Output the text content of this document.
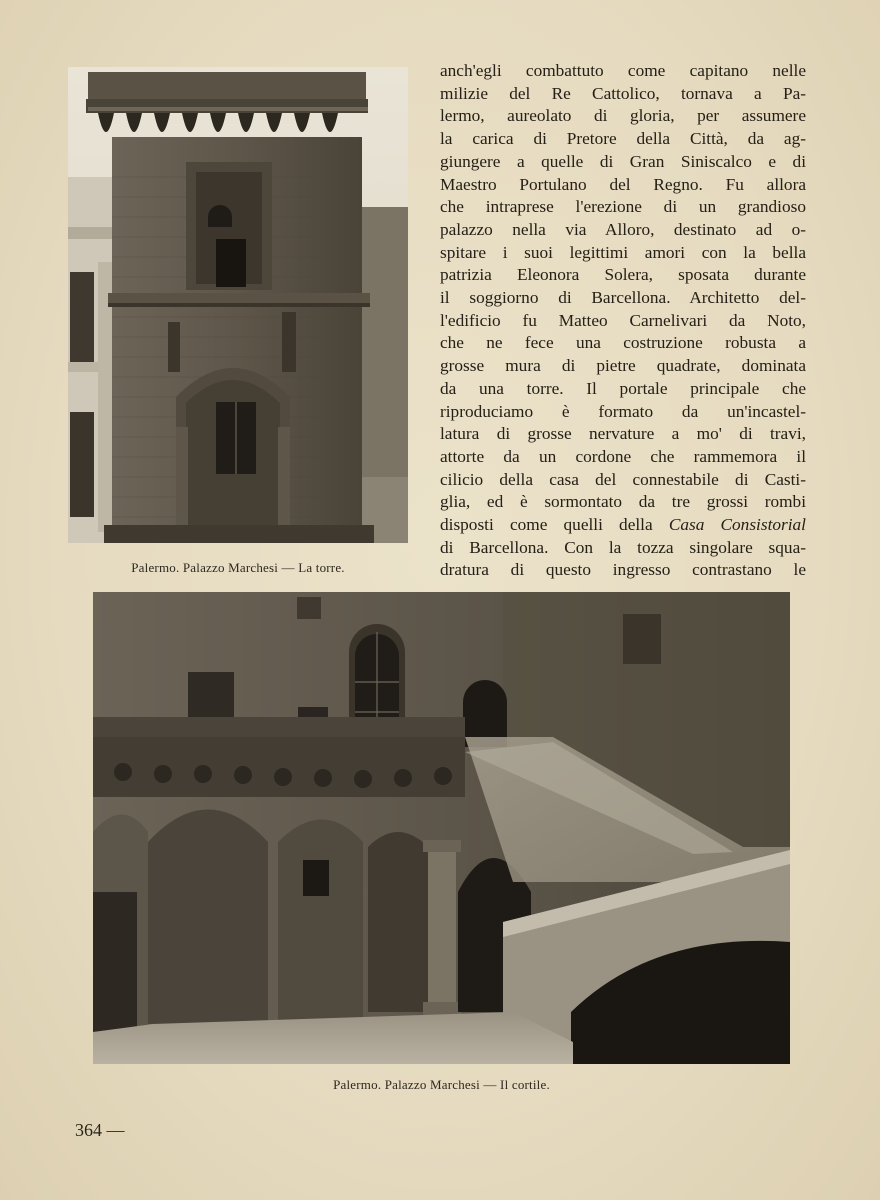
Palermo. Palazzo Marchesi — La torre.
anch'egli combattuto come capitano nelle
milizie del Re Cattolico, tornava a Pa-
lermo, aureolato di gloria, per assumere
la carica di Pretore della Città, da ag-
giungere a quelle di Gran Siniscalco e di
Maestro Portulano del Regno. Fu allora
che intraprese l'erezione di un grandioso
palazzo nella via Alloro, destinato ad o-
spitare i suoi legittimi amori con la bella
patrizia Eleonora Solera, sposata durante
il soggiorno di Barcellona. Architetto del-
l'edificio fu Matteo Carnelivari da Noto,
che ne fece una costruzione robusta a
grosse mura di pietre quadrate, dominata
da una torre. Il portale principale che
riproduciamo è formato da un'incastel-
latura di grosse nervature a mo' di travi,
attorte da un cordone che rammemora il
cilicio della casa del connestabile di Casti-
glia, ed è sormontato da tre grossi rombi
disposti come quelli della Casa Consistorial
di Barcellona. Con la tozza singolare squa-
dratura di questo ingresso contrastano le
Palermo. Palazzo Marchesi — Il cortile.
364 —
